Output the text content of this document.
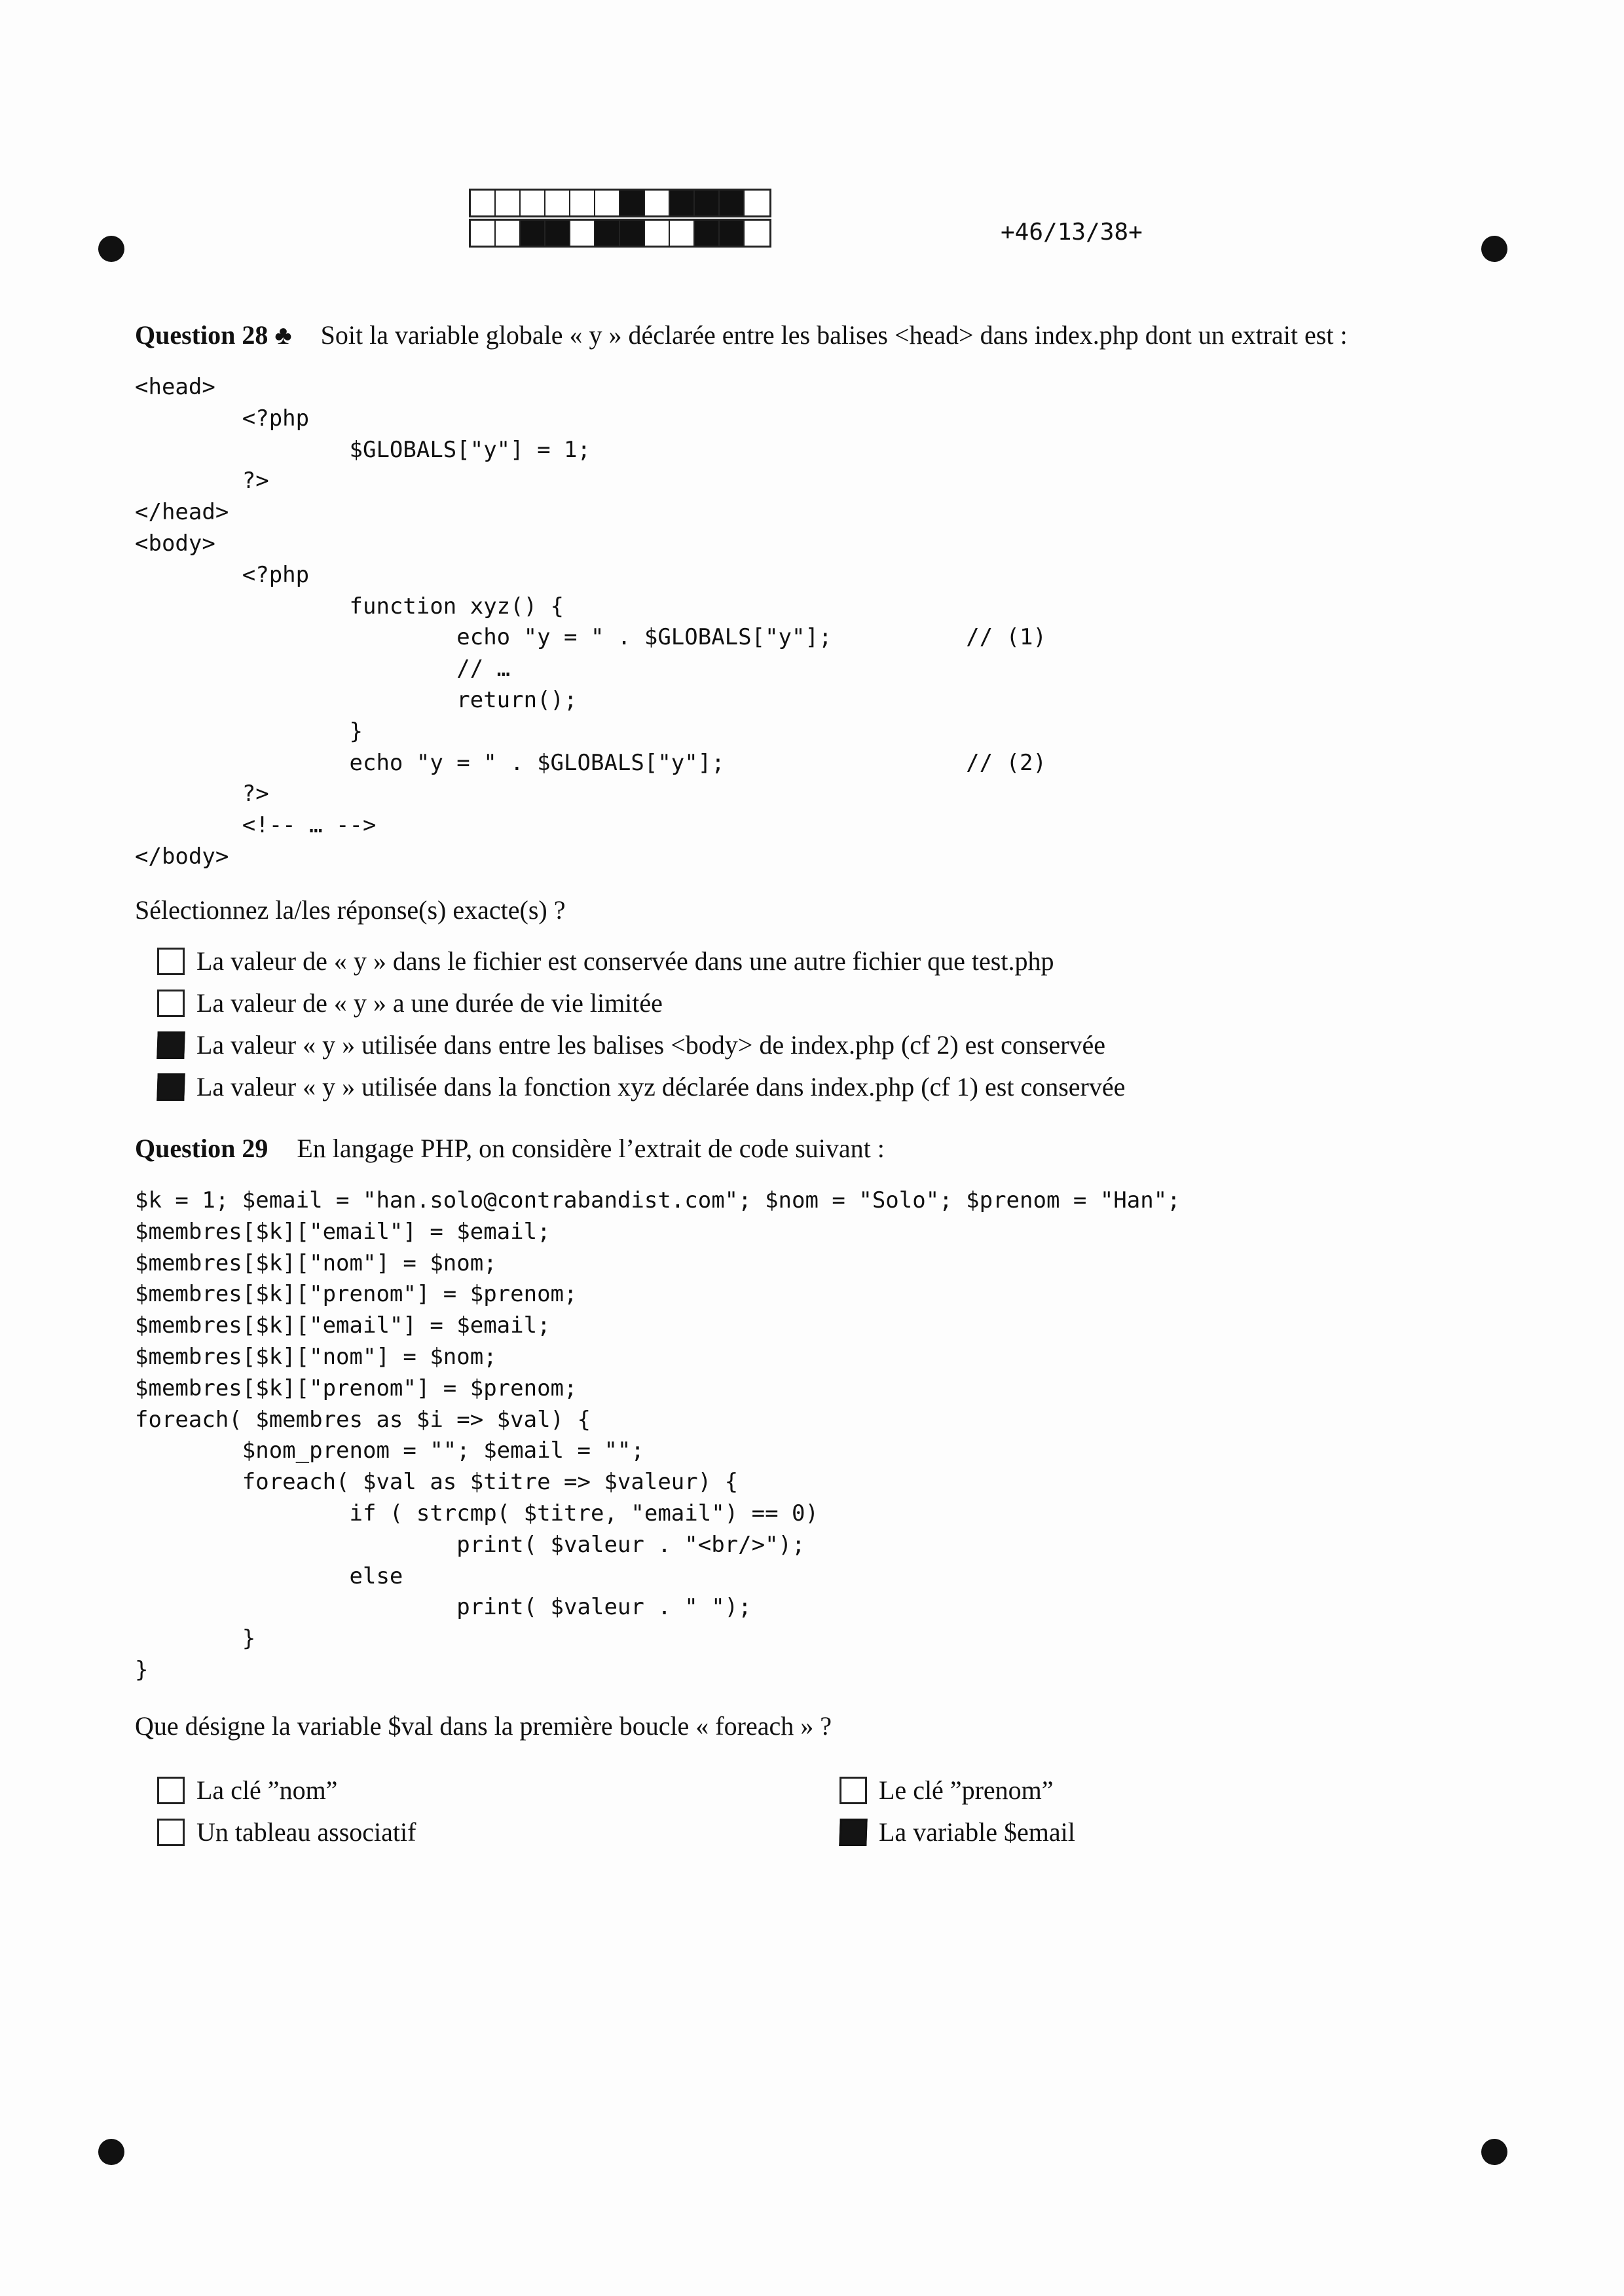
+46/13/38+
Question 28 ♣ Soit la variable globale « y » déclarée entre les balises <head> dans index.php dont un extrait est :
<head>
<?php
$GLOBALS["y"] = 1;
?>
</head>
<body>
<?php
function xyz() {
echo "y = " . $GLOBALS["y"];          // (1)
// …
return();
}
echo "y = " . $GLOBALS["y"];                  // (2)
?>
<!-- … -->
</body>
Sélectionnez la/les réponse(s) exacte(s) ?
La valeur de « y » dans le fichier est conservée dans une autre fichier que test.php
La valeur de « y » a une durée de vie limitée
La valeur « y » utilisée dans entre les balises <body> de index.php (cf 2) est conservée
La valeur « y » utilisée dans la fonction xyz déclarée dans index.php (cf 1) est conservée
Question 29 En langage PHP, on considère l’extrait de code suivant :
$k = 1; $email = "han.solo@contrabandist.com"; $nom = "Solo"; $prenom = "Han";
$membres[$k]["email"] = $email;
$membres[$k]["nom"] = $nom;
$membres[$k]["prenom"] = $prenom;
$membres[$k]["email"] = $email;
$membres[$k]["nom"] = $nom;
$membres[$k]["prenom"] = $prenom;
foreach( $membres as $i => $val) {
$nom_prenom = ""; $email = "";
foreach( $val as $titre => $valeur) {
if ( strcmp( $titre, "email") == 0)
print( $valeur . "<br/>");
else
print( $valeur . " ");
}
}
Que désigne la variable $val dans la première boucle « foreach » ?
La clé ”nom”	Le clé ”prenom”
Un tableau associatif	La variable $email
